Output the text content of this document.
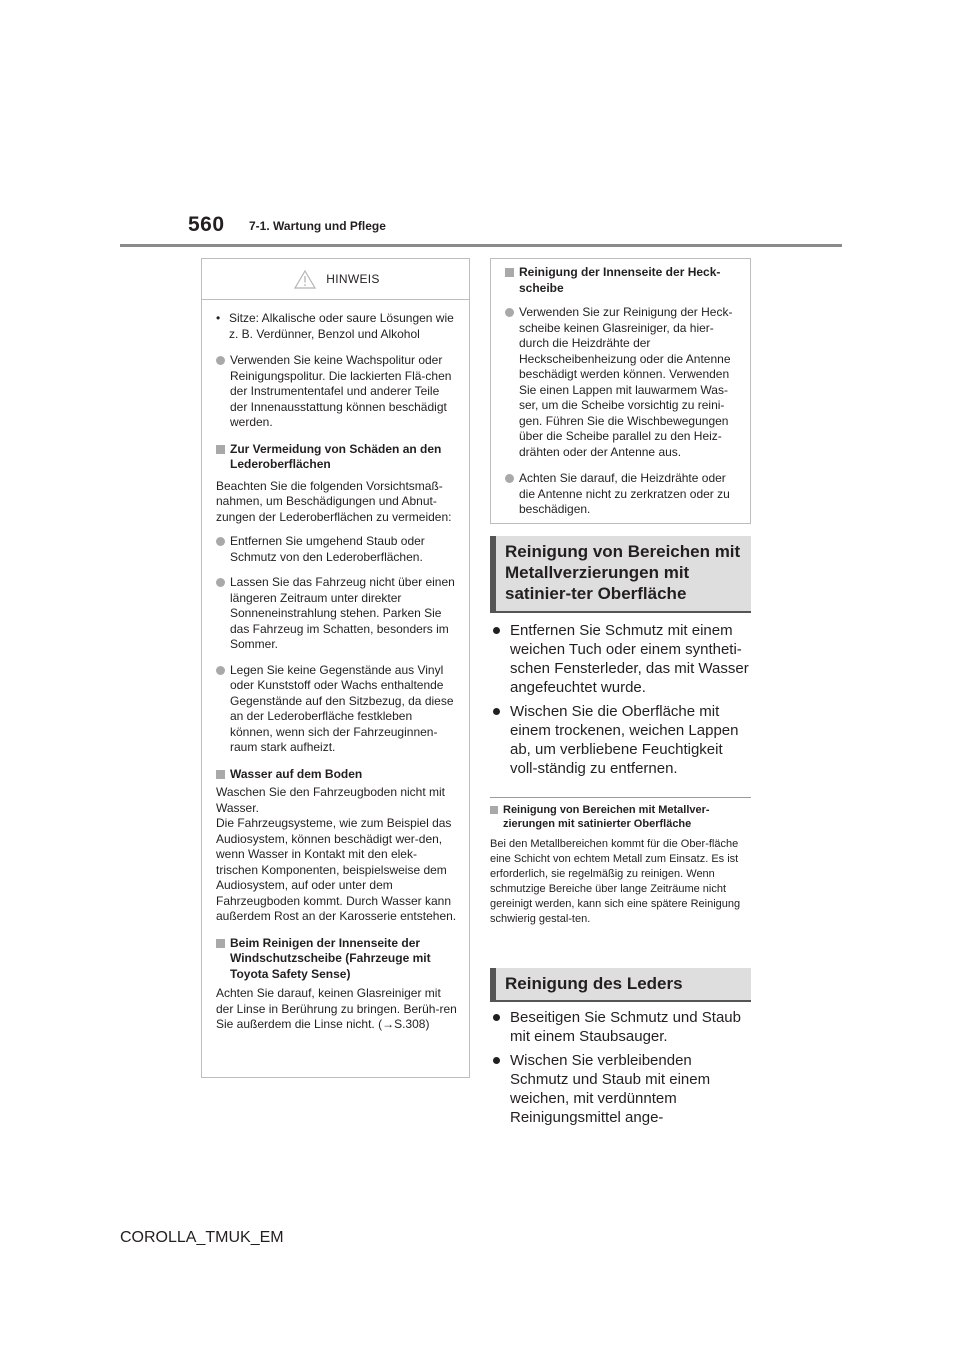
560 7-1. Wartung und Pflege
HINWEIS

• Sitze: Alkalische oder saure Lösungen wie z. B. Verdünner, Benzol und Alkohol

Verwenden Sie keine Wachspolitur oder Reinigungspolitur. Die lackierten Flä-chen der Instrumententafel und anderer Teile der Innenausstattung können beschädigt werden.

Zur Vermeidung von Schäden an den Lederoberflächen

Beachten Sie die folgenden Vorsichtsmaß-nahmen, um Beschädigungen und Abnut-zungen der Lederoberflächen zu vermeiden:

Entfernen Sie umgehend Staub oder Schmutz von den Lederoberflächen.

Lassen Sie das Fahrzeug nicht über einen längeren Zeitraum unter direkter Sonneneinstrahlung stehen. Parken Sie das Fahrzeug im Schatten, besonders im Sommer.

Legen Sie keine Gegenstände aus Vinyl oder Kunststoff oder Wachs enthaltende Gegenstände auf den Sitzbezug, da diese an der Lederoberfläche festkleben können, wenn sich der Fahrzeuginnen-raum stark aufheizt.

Wasser auf dem Boden

Waschen Sie den Fahrzeugboden nicht mit Wasser.

Die Fahrzeugsysteme, wie zum Beispiel das Audiosystem, können beschädigt wer-den, wenn Wasser in Kontakt mit den elek-trischen Komponenten, beispielsweise dem Audiosystem, auf oder unter dem Fahrzeugboden kommt. Durch Wasser kann außerdem Rost an der Karosserie entstehen.

Beim Reinigen der Innenseite der Windschutzscheibe (Fahrzeuge mit Toyota Safety Sense)

Achten Sie darauf, keinen Glasreiniger mit der Linse in Berührung zu bringen. Berüh-ren Sie außerdem die Linse nicht. (→S.308)

Reinigung der Innenseite der Heck-scheibe

Verwenden Sie zur Reinigung der Heck-scheibe keinen Glasreiniger, da hier-durch die Heizdrähte der Heckscheibenheizung oder die Antenne beschädigt werden können. Verwenden Sie einen Lappen mit lauwarmem Was-ser, um die Scheibe vorsichtig zu reini-gen. Führen Sie die Wischbewegungen über die Scheibe parallel zu den Heiz-drähten oder der Antenne aus.

Achten Sie darauf, die Heizdrähte oder die Antenne nicht zu zerkratzen oder zu beschädigen.

Reinigung von Bereichen mit Metallverzierungen mit satinier-ter Oberfläche

Entfernen Sie Schmutz mit einem weichen Tuch oder einem syntheti-schen Fensterleder, das mit Wasser angefeuchtet wurde.

Wischen Sie die Oberfläche mit einem trockenen, weichen Lappen ab, um verbliebene Feuchtigkeit voll-ständig zu entfernen.

Reinigung von Bereichen mit Metallver-zierungen mit satinierter Oberfläche

Bei den Metallbereichen kommt für die Ober-fläche eine Schicht von echtem Metall zum Einsatz. Es ist erforderlich, sie regelmäßig zu reinigen. Wenn schmutzige Bereiche über lange Zeiträume nicht gereinigt werden, kann sich eine spätere Reinigung schwierig gestal-ten.

Reinigung des Leders

Beseitigen Sie Schmutz und Staub mit einem Staubsauger.

Wischen Sie verbleibenden Schmutz und Staub mit einem weichen, mit verdünntem Reinigungsmittel ange-

COROLLA_TMUK_EM
